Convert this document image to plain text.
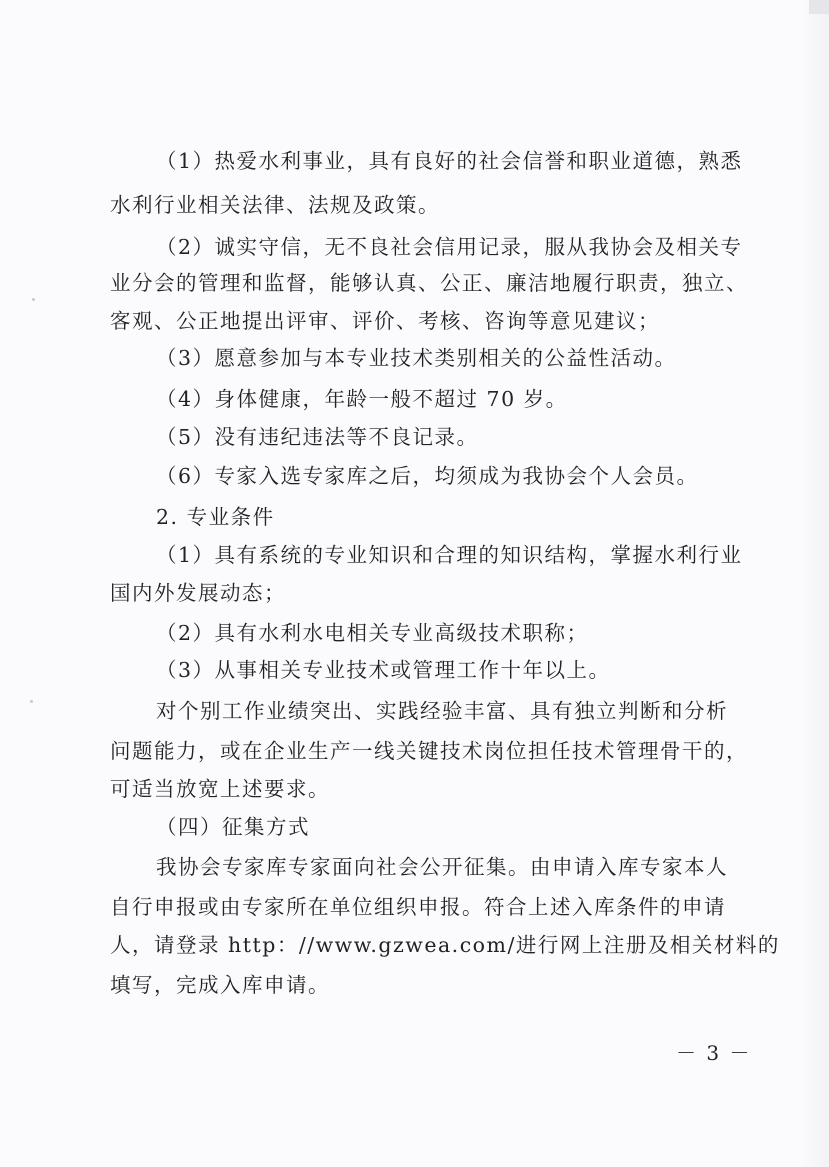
（1）热爱水利事业，具有良好的社会信誉和职业道德，熟悉
水利行业相关法律、法规及政策。
（2）诚实守信，无不良社会信用记录，服从我协会及相关专
业分会的管理和监督，能够认真、公正、廉洁地履行职责，独立、
客观、公正地提出评审、评价、考核、咨询等意见建议；
（3）愿意参加与本专业技术类别相关的公益性活动。
（4）身体健康，年龄一般不超过 70 岁。
（5）没有违纪违法等不良记录。
（6）专家入选专家库之后，均须成为我协会个人会员。
2. 专业条件
（1）具有系统的专业知识和合理的知识结构，掌握水利行业
国内外发展动态；
（2）具有水利水电相关专业高级技术职称；
（3）从事相关专业技术或管理工作十年以上。
对个别工作业绩突出、实践经验丰富、具有独立判断和分析
问题能力，或在企业生产一线关键技术岗位担任技术管理骨干的，
可适当放宽上述要求。
（四）征集方式
我协会专家库专家面向社会公开征集。由申请入库专家本人
自行申报或由专家所在单位组织申报。符合上述入库条件的申请
人，请登录 http：//www.gzwea.com/进行网上注册及相关材料的
填写，完成入库申请。
－ 3 －
